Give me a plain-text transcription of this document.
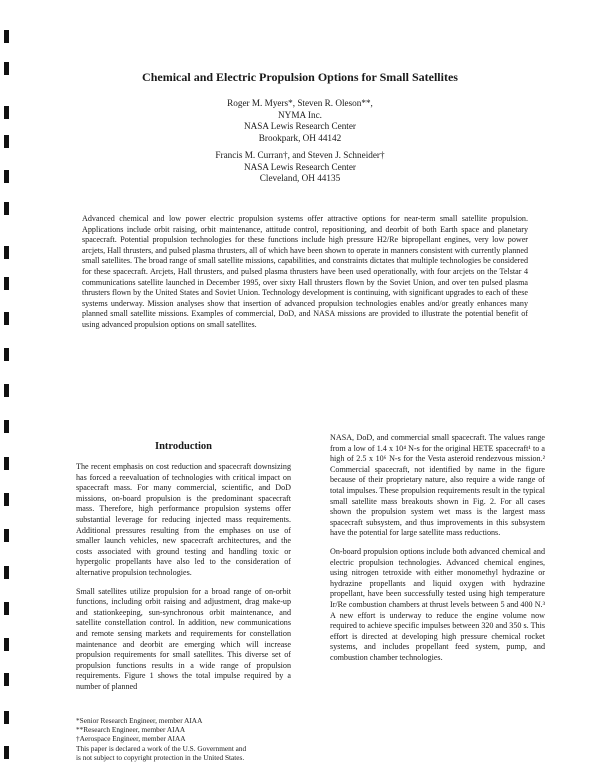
Chemical and Electric Propulsion Options for Small Satellites
Roger M. Myers*, Steven R. Oleson**,
NYMA Inc.
NASA Lewis Research Center
Brookpark, OH 44142
Francis M. Curran†, and Steven J. Schneider†
NASA Lewis Research Center
Cleveland, OH 44135
Advanced chemical and low power electric propulsion systems offer attractive options for near-term small satellite propulsion. Applications include orbit raising, orbit maintenance, attitude control, repositioning, and deorbit of both Earth space and planetary spacecraft. Potential propulsion technologies for these functions include high pressure H2/Re bipropellant engines, very low power arcjets, Hall thrusters, and pulsed plasma thrusters, all of which have been shown to operate in manners consistent with currently planned small satellites. The broad range of small satellite missions, capabilities, and constraints dictates that multiple technologies be considered for these spacecraft. Arcjets, Hall thrusters, and pulsed plasma thrusters have been used operationally, with four arcjets on the Telstar 4 communications satellite launched in December 1995, over sixty Hall thrusters flown by the Soviet Union, and over ten pulsed plasma thrusters flown by the United States and Soviet Union. Technology development is continuing, with significant upgrades to each of these systems underway. Mission analyses show that insertion of advanced propulsion technologies enables and/or greatly enhances many planned small satellite missions. Examples of commercial, DoD, and NASA missions are provided to illustrate the potential benefit of using advanced propulsion options on small satellites.
Introduction

The recent emphasis on cost reduction and spacecraft downsizing has forced a reevaluation of technologies with critical impact on spacecraft mass. For many commercial, scientific, and DoD missions, on-board propulsion is the predominant spacecraft mass. Therefore, high performance propulsion systems offer substantial leverage for reducing injected mass requirements. Additional pressures resulting from the emphases on use of smaller launch vehicles, new spacecraft architectures, and the costs associated with ground testing and handling toxic or hypergolic propellants have also led to the consideration of alternative propulsion technologies.

Small satellites utilize propulsion for a broad range of on-orbit functions, including orbit raising and adjustment, drag make-up and stationkeeping, sun-synchronous orbit maintenance, and satellite constellation control. In addition, new communications and remote sensing markets and requirements for constellation maintenance and deorbit are emerging which will increase propulsion requirements for small satellites. This diverse set of propulsion functions results in a wide range of propulsion requirements. Figure 1 shows the total impulse required by a number of planned

NASA, DoD, and commercial small spacecraft. The values range from a low of 1.4 x 10⁴ N-s for the original HETE spacecraft¹ to a high of 2.5 x 10⁶ N-s for the Vesta asteroid rendezvous mission.² Commercial spacecraft, not identified by name in the figure because of their proprietary nature, also require a wide range of total impulses. These propulsion requirements result in the typical small satellite mass breakouts shown in Fig. 2. For all cases shown the propulsion system wet mass is the largest mass spacecraft subsystem, and thus improvements in this subsystem have the potential for large satellite mass reductions.

On-board propulsion options include both advanced chemical and electric propulsion technologies. Advanced chemical engines, using nitrogen tetroxide with either monomethyl hydrazine or hydrazine propellants and liquid oxygen with hydrazine propellant, have been successfully tested using high temperature Ir/Re combustion chambers at thrust levels between 5 and 400 N.³ A new effort is underway to reduce the engine volume now required to achieve specific impulses between 320 and 350 s. This effort is directed at developing high pressure chemical rocket systems, and includes propellant feed system, pump, and combustion chamber technologies.

*Senior Research Engineer, member AIAA
**Research Engineer, member AIAA
†Aerospace Engineer, member AIAA
This paper is declared a work of the U.S. Government and
is not subject to copyright protection in the United States.
